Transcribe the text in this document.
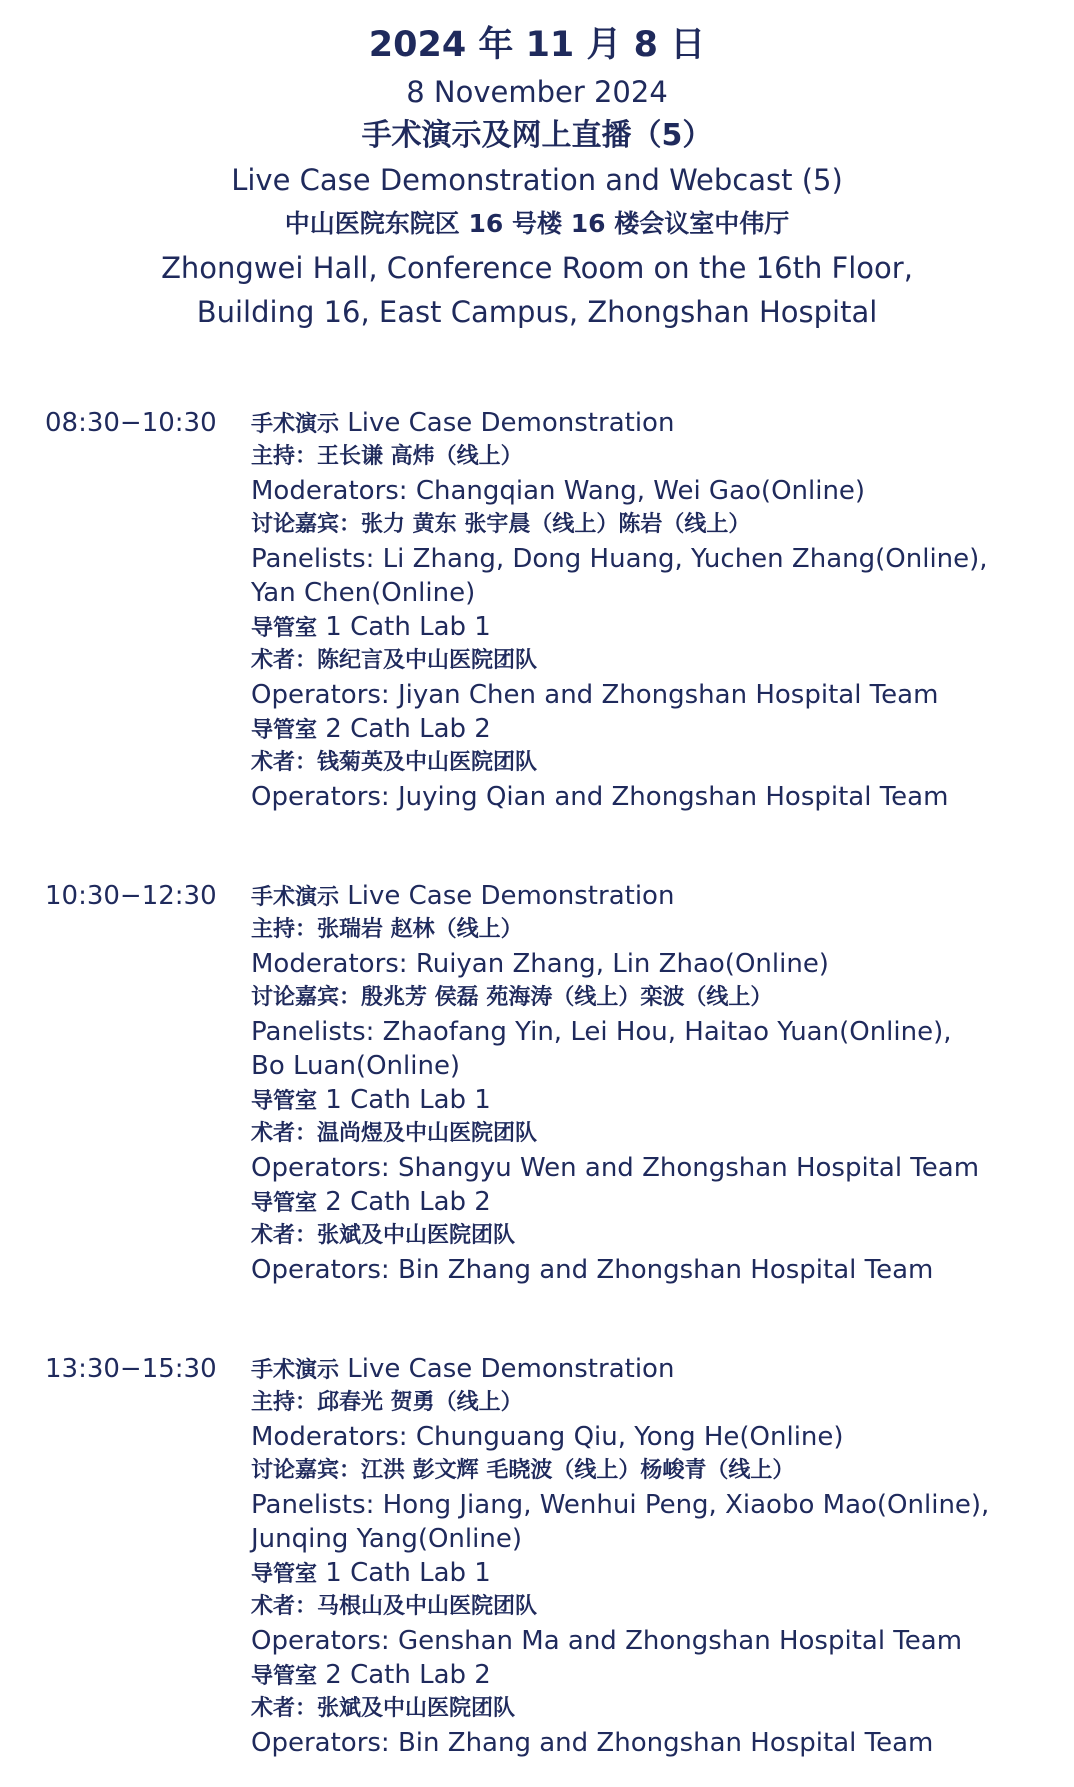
2024 年 11 月 8 日
8 November 2024
手术演示及网上直播（5）
Live Case Demonstration and Webcast (5)
中山医院东院区 16 号楼 16 楼会议室中伟厅
Zhongwei Hall, Conference Room on the 16th Floor,
Building 16, East Campus, Zhongshan Hospital
08:30−10:30 手术演示 Live Case Demonstration
主持：王长谦 高炜（线上）
Moderators: Changqian Wang, Wei Gao(Online)
讨论嘉宾：张力 黄东 张宇晨（线上）陈岩（线上）
Panelists: Li Zhang, Dong Huang, Yuchen Zhang(Online),
Yan Chen(Online)
导管室 1 Cath Lab 1
术者：陈纪言及中山医院团队
Operators: Jiyan Chen and Zhongshan Hospital Team
导管室 2 Cath Lab 2
术者：钱菊英及中山医院团队
Operators: Juying Qian and Zhongshan Hospital Team
10:30−12:30 手术演示 Live Case Demonstration
主持：张瑞岩 赵林（线上）
Moderators: Ruiyan Zhang, Lin Zhao(Online)
讨论嘉宾：殷兆芳 侯磊 苑海涛（线上）栾波（线上）
Panelists: Zhaofang Yin, Lei Hou, Haitao Yuan(Online),
Bo Luan(Online)
导管室 1 Cath Lab 1
术者：温尚煜及中山医院团队
Operators: Shangyu Wen and Zhongshan Hospital Team
导管室 2 Cath Lab 2
术者：张斌及中山医院团队
Operators: Bin Zhang and Zhongshan Hospital Team
13:30−15:30 手术演示 Live Case Demonstration
主持：邱春光 贺勇（线上）
Moderators: Chunguang Qiu, Yong He(Online)
讨论嘉宾：江洪 彭文辉 毛晓波（线上）杨峻青（线上）
Panelists: Hong Jiang, Wenhui Peng, Xiaobo Mao(Online),
Junqing Yang(Online)
导管室 1 Cath Lab 1
术者：马根山及中山医院团队
Operators: Genshan Ma and Zhongshan Hospital Team
导管室 2 Cath Lab 2
术者：张斌及中山医院团队
Operators: Bin Zhang and Zhongshan Hospital Team
